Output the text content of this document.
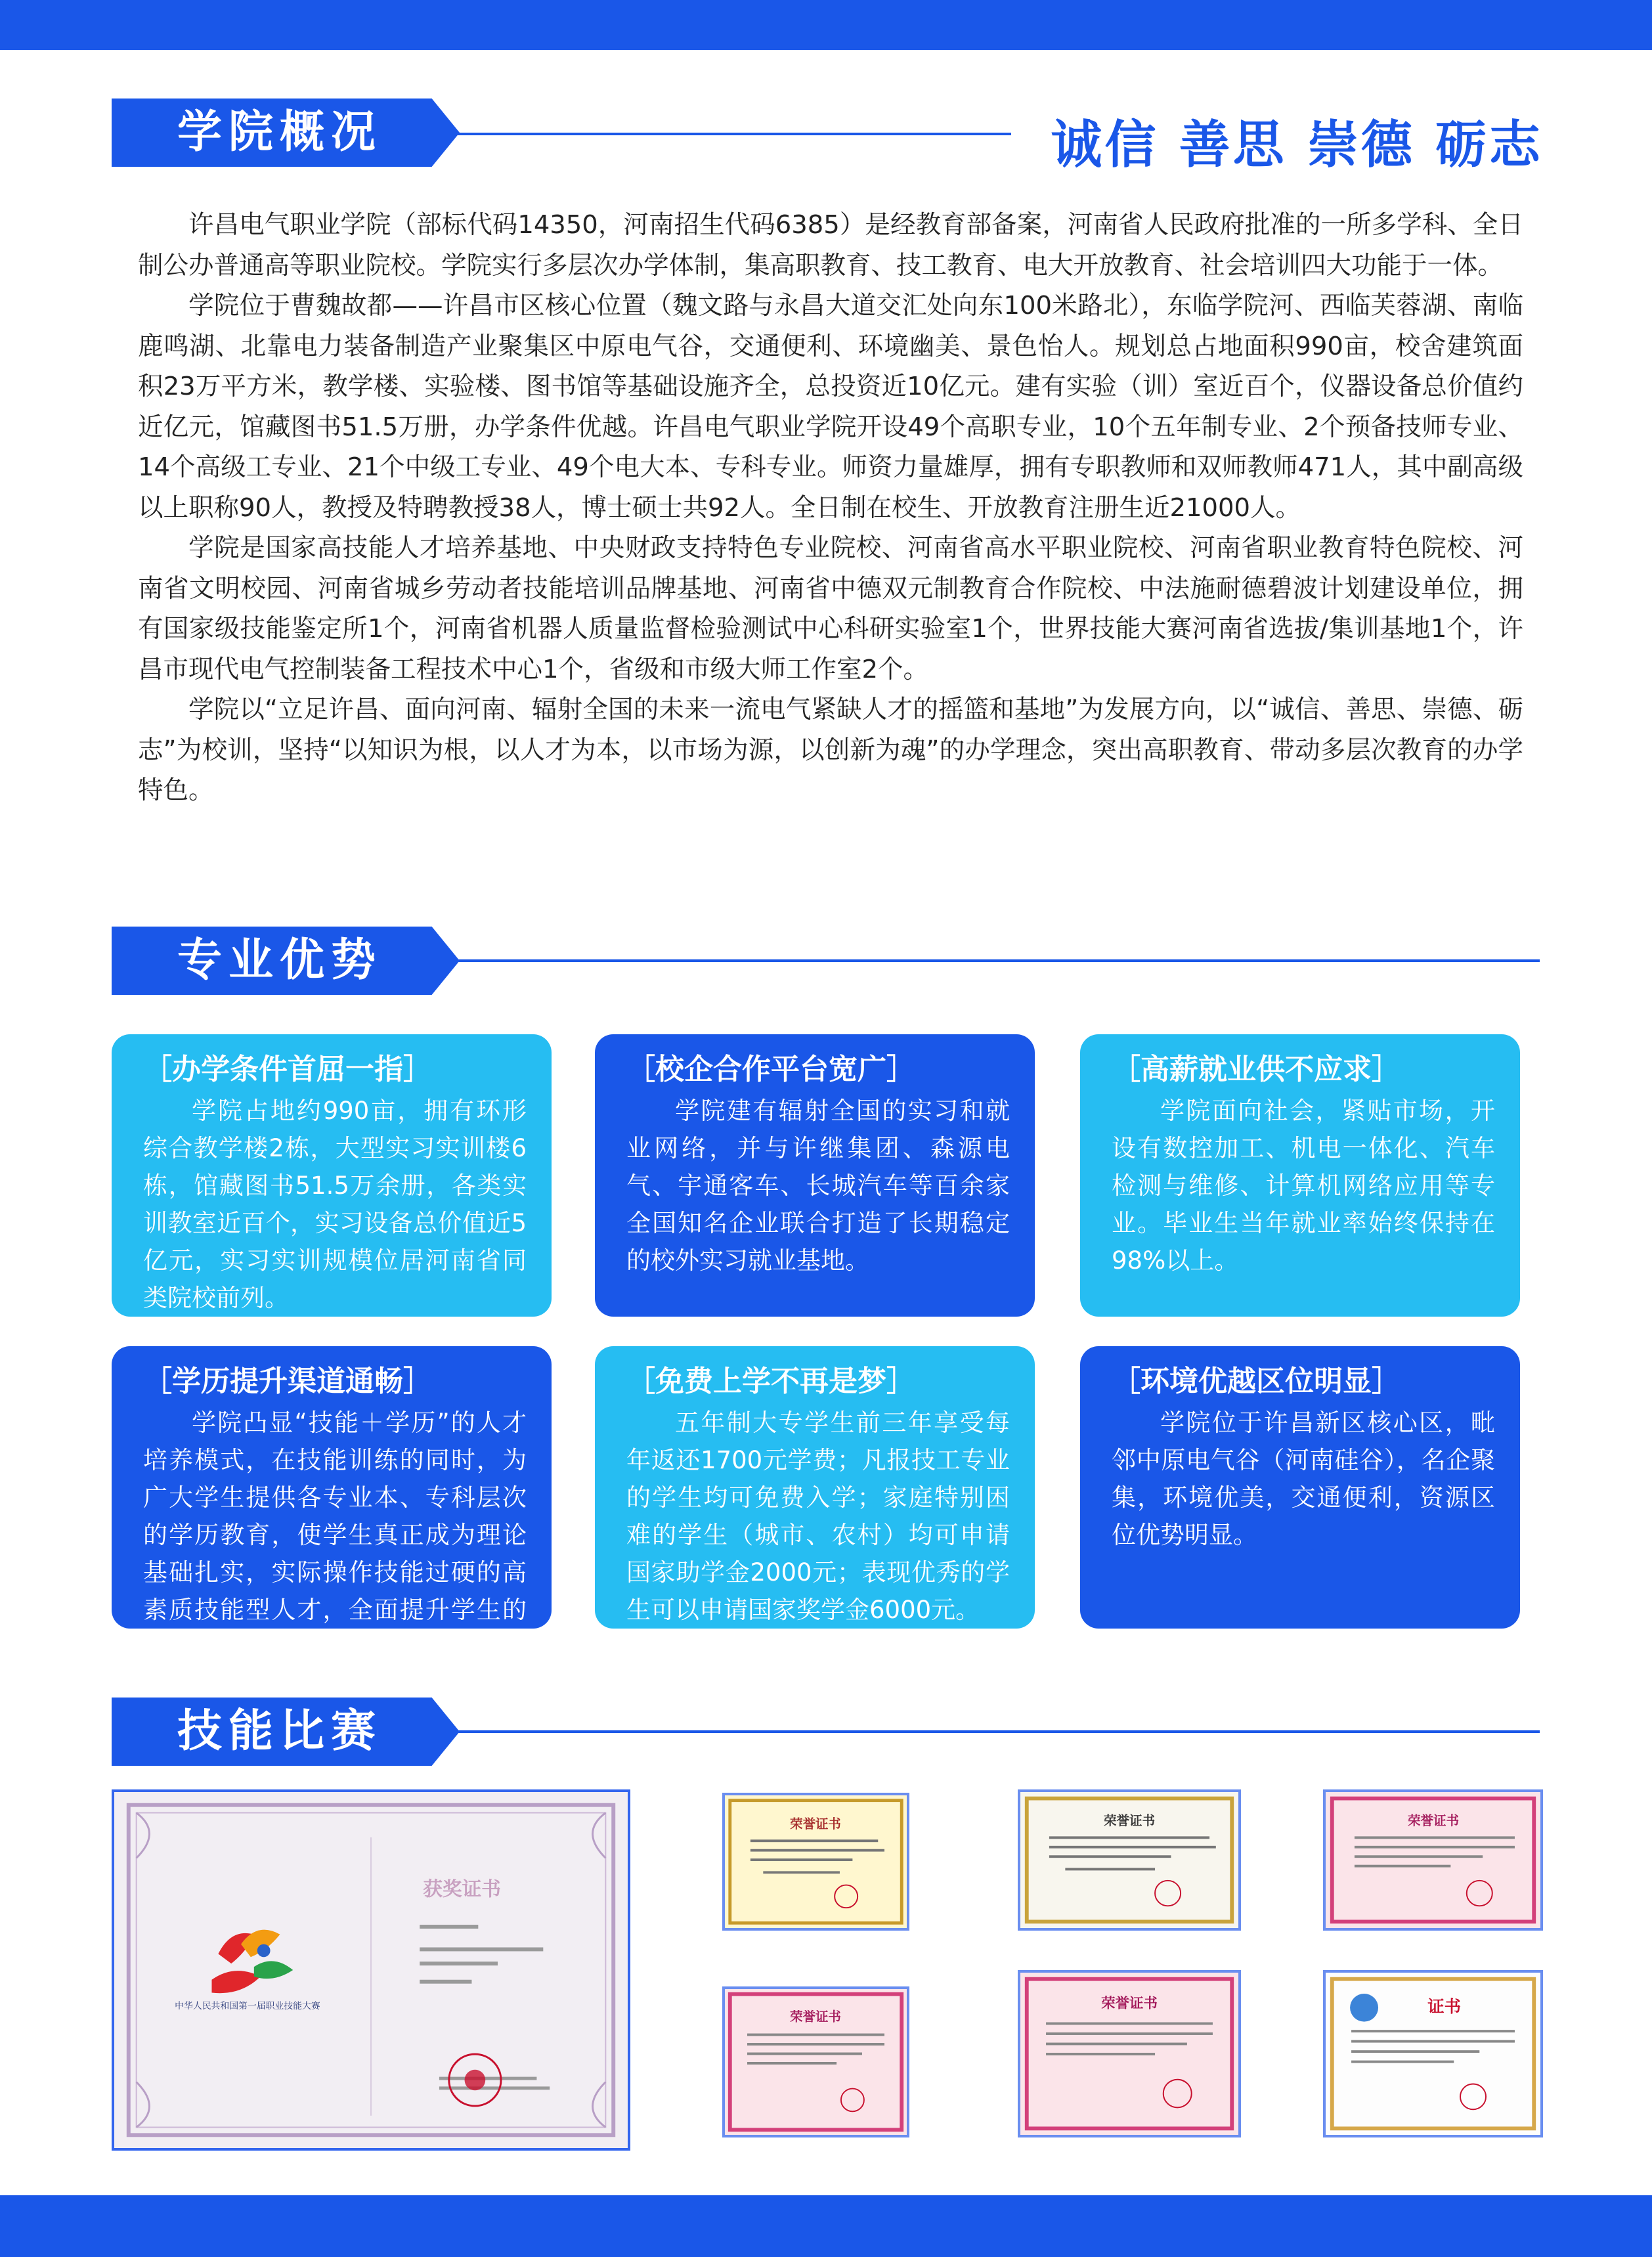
学院概况	诚信 善思 崇德 砺志

许昌电气职业学院（部标代码14350，河南招生代码6385）是经教育部备案，河南省人民政府批准的一所多学科、全日制公办普通高等职业院校。学院实行多层次办学体制，集高职教育、技工教育、电大开放教育、社会培训四大功能于一体。

学院位于曹魏故都——许昌市区核心位置（魏文路与永昌大道交汇处向东100米路北），东临学院河、西临芙蓉湖、南临鹿鸣湖、北靠电力装备制造产业聚集区中原电气谷，交通便利、环境幽美、景色怡人。规划总占地面积990亩，校舍建筑面积23万平方米，教学楼、实验楼、图书馆等基础设施齐全，总投资近10亿元。建有实验（训）室近百个，仪器设备总价值约近亿元，馆藏图书51.5万册，办学条件优越。许昌电气职业学院开设49个高职专业，10个五年制专业、2个预备技师专业、14个高级工专业、21个中级工专业、49个电大本、专科专业。师资力量雄厚，拥有专职教师和双师教师471人，其中副高级以上职称90人，教授及特聘教授38人，博士硕士共92人。全日制在校生、开放教育注册生近21000人。

学院是国家高技能人才培养基地、中央财政支持特色专业院校、河南省高水平职业院校、河南省职业教育特色院校、河南省文明校园、河南省城乡劳动者技能培训品牌基地、河南省中德双元制教育合作院校、中法施耐德碧波计划建设单位，拥有国家级技能鉴定所1个，河南省机器人质量监督检验测试中心科研实验室1个，世界技能大赛河南省选拔/集训基地1个，许昌市现代电气控制装备工程技术中心1个，省级和市级大师工作室2个。

学院以“立足许昌、面向河南、辐射全国的未来一流电气紧缺人才的摇篮和基地”为发展方向，以“诚信、善思、崇德、砺志”为校训，坚持“以知识为根，以人才为本，以市场为源，以创新为魂”的办学理念，突出高职教育、带动多层次教育的办学特色。

专业优势
［办学条件首屈一指］

学院占地约990亩，拥有环形综合教学楼2栋，大型实习实训楼6栋，馆藏图书51.5万余册，各类实训教室近百个，实习设备总价值近5亿元，实习实训规模位居河南省同类院校前列。

［校企合作平台宽广］

学院建有辐射全国的实习和就业网络，并与许继集团、森源电气、宇通客车、长城汽车等百余家全国知名企业联合打造了长期稳定的校外实习就业基地。

［高薪就业供不应求］

学院面向社会，紧贴市场，开设有数控加工、机电一体化、汽车检测与维修、计算机网络应用等专业。毕业生当年就业率始终保持在98%以上。

［学历提升渠道通畅］

学院凸显“技能＋学历”的人才培养模式，在技能训练的同时，为广大学生提供各专业本、专科层次的学历教育，使学生真正成为理论基础扎实，实际操作技能过硬的高素质技能型人才，全面提升学生的就业能力。

［免费上学不再是梦］

五年制大专学生前三年享受每年返还1700元学费；凡报技工专业的学生均可免费入学；家庭特别困难的学生（城市、农村）均可申请国家助学金2000元；表现优秀的学生可以申请国家奖学金6000元。

［环境优越区位明显］

学院位于许昌新区核心区，毗邻中原电气谷（河南硅谷），名企聚集，环境优美，交通便利，资源区位优势明显。

技能比赛
中华人民共和国第一届职业技能大赛
获奖证书
荣誉证书	荣誉证书	荣誉证书
荣誉证书
荣誉证书	证书
